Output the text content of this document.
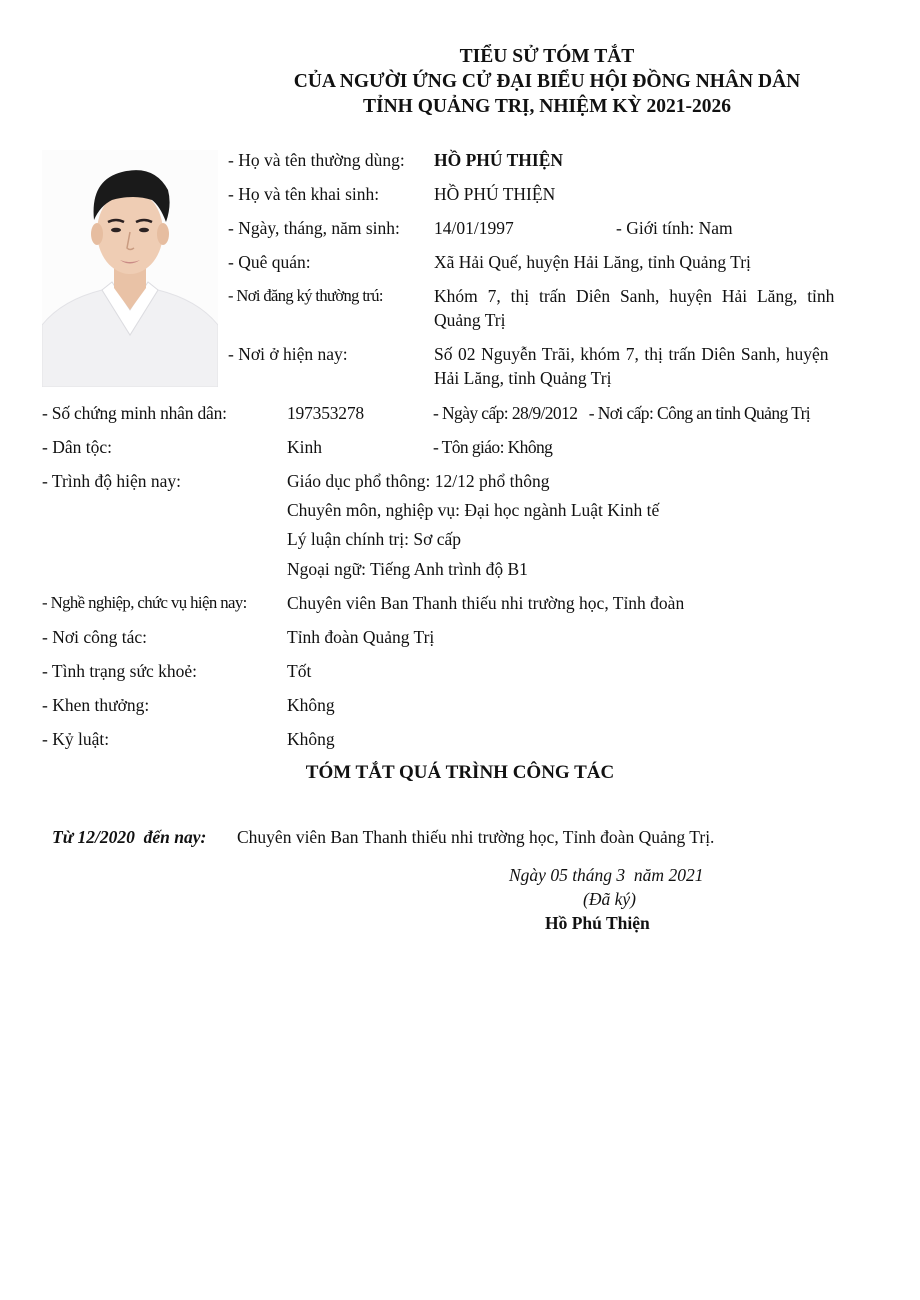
TIỂU SỬ TÓM TẮT
CỦA NGƯỜI ỨNG CỬ ĐẠI BIỂU HỘI ĐỒNG NHÂN DÂN
TỈNH QUẢNG TRỊ, NHIỆM KỲ 2021-2026
- Họ và tên thường dùng: HỒ PHÚ THIỆN
- Họ và tên khai sinh:	HỒ PHÚ THIỆN
- Ngày, tháng, năm sinh: 14/01/1997	- Giới tính: Nam
- Quê quán:	Xã Hải Quế, huyện Hải Lăng, tỉnh Quảng Trị
- Nơi đăng ký thường trú:	Khóm 7, thị trấn Diên Sanh, huyện Hải Lăng, tỉnh
Quảng Trị
- Nơi ở hiện nay:	Số 02 Nguyễn Trãi, khóm 7, thị trấn Diên Sanh, huyện
Hải Lăng, tỉnh Quảng Trị
- Số chứng minh nhân dân:	197353278	- Ngày cấp: 28/9/2012 - Nơi cấp: Công an tỉnh Quảng Trị
- Dân tộc:	Kinh	- Tôn giáo: Không
- Trình độ hiện nay:	Giáo dục phổ thông: 12/12 phổ thông
Chuyên môn, nghiệp vụ: Đại học ngành Luật Kinh tế
Lý luận chính trị: Sơ cấp
Ngoại ngữ: Tiếng Anh trình độ B1
- Nghề nghiệp, chức vụ hiện nay: Chuyên viên Ban Thanh thiếu nhi trường học, Tỉnh đoàn
- Nơi công tác:	Tỉnh đoàn Quảng Trị
- Tình trạng sức khoẻ:	Tốt
- Khen thưởng:	Không
- Kỷ luật:	Không
TÓM TẮT QUÁ TRÌNH CÔNG TÁC
Từ 12/2020  đến nay: Chuyên viên Ban Thanh thiếu nhi trường học, Tỉnh đoàn Quảng Trị.
Ngày 05 tháng 3  năm 2021
(Đã ký)
Hồ Phú Thiện
